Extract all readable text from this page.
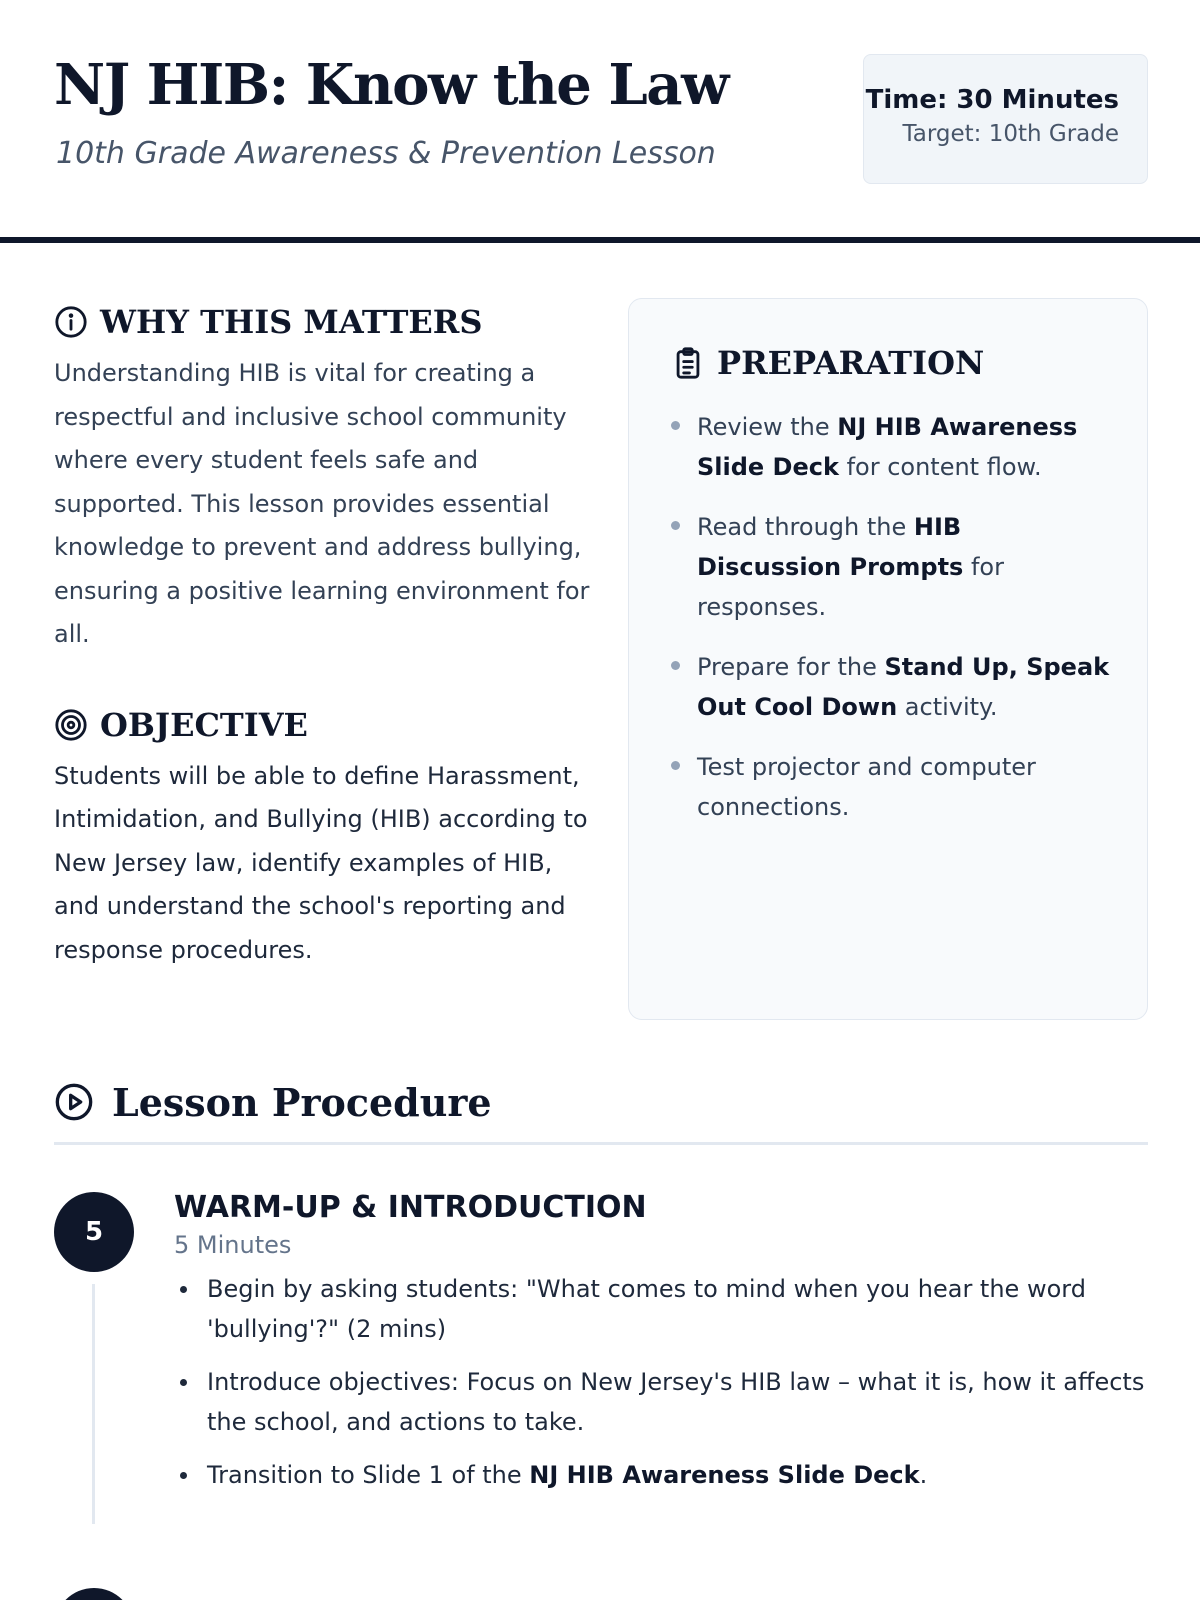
NJ HIB: Know the Law
10th Grade Awareness & Prevention Lesson
Time: 30 Minutes
Target: 10th Grade
WHY THIS MATTERS

Understanding HIB is vital for creating a respectful and inclusive school community where every student feels safe and supported. This lesson provides essential knowledge to prevent and address bullying, ensuring a positive learning environment for all.

OBJECTIVE

Students will be able to define Harassment, Intimidation, and Bullying (HIB) according to New Jersey law, identify examples of HIB, and understand the school's reporting and response procedures.

PREPARATION
Review the NJ HIB Awareness Slide Deck for content flow.
Read through the HIB Discussion Prompts for responses.
Prepare for the Stand Up, Speak Out Cool Down activity.
Test projector and computer connections.
Lesson Procedure
5
WARM-UP & INTRODUCTION
5 Minutes
Begin by asking students: "What comes to mind when you hear the word 'bullying'?" (2 mins)
Introduce objectives: Focus on New Jersey's HIB law – what it is, how it affects the school, and actions to take.
Transition to Slide 1 of the NJ HIB Awareness Slide Deck.
